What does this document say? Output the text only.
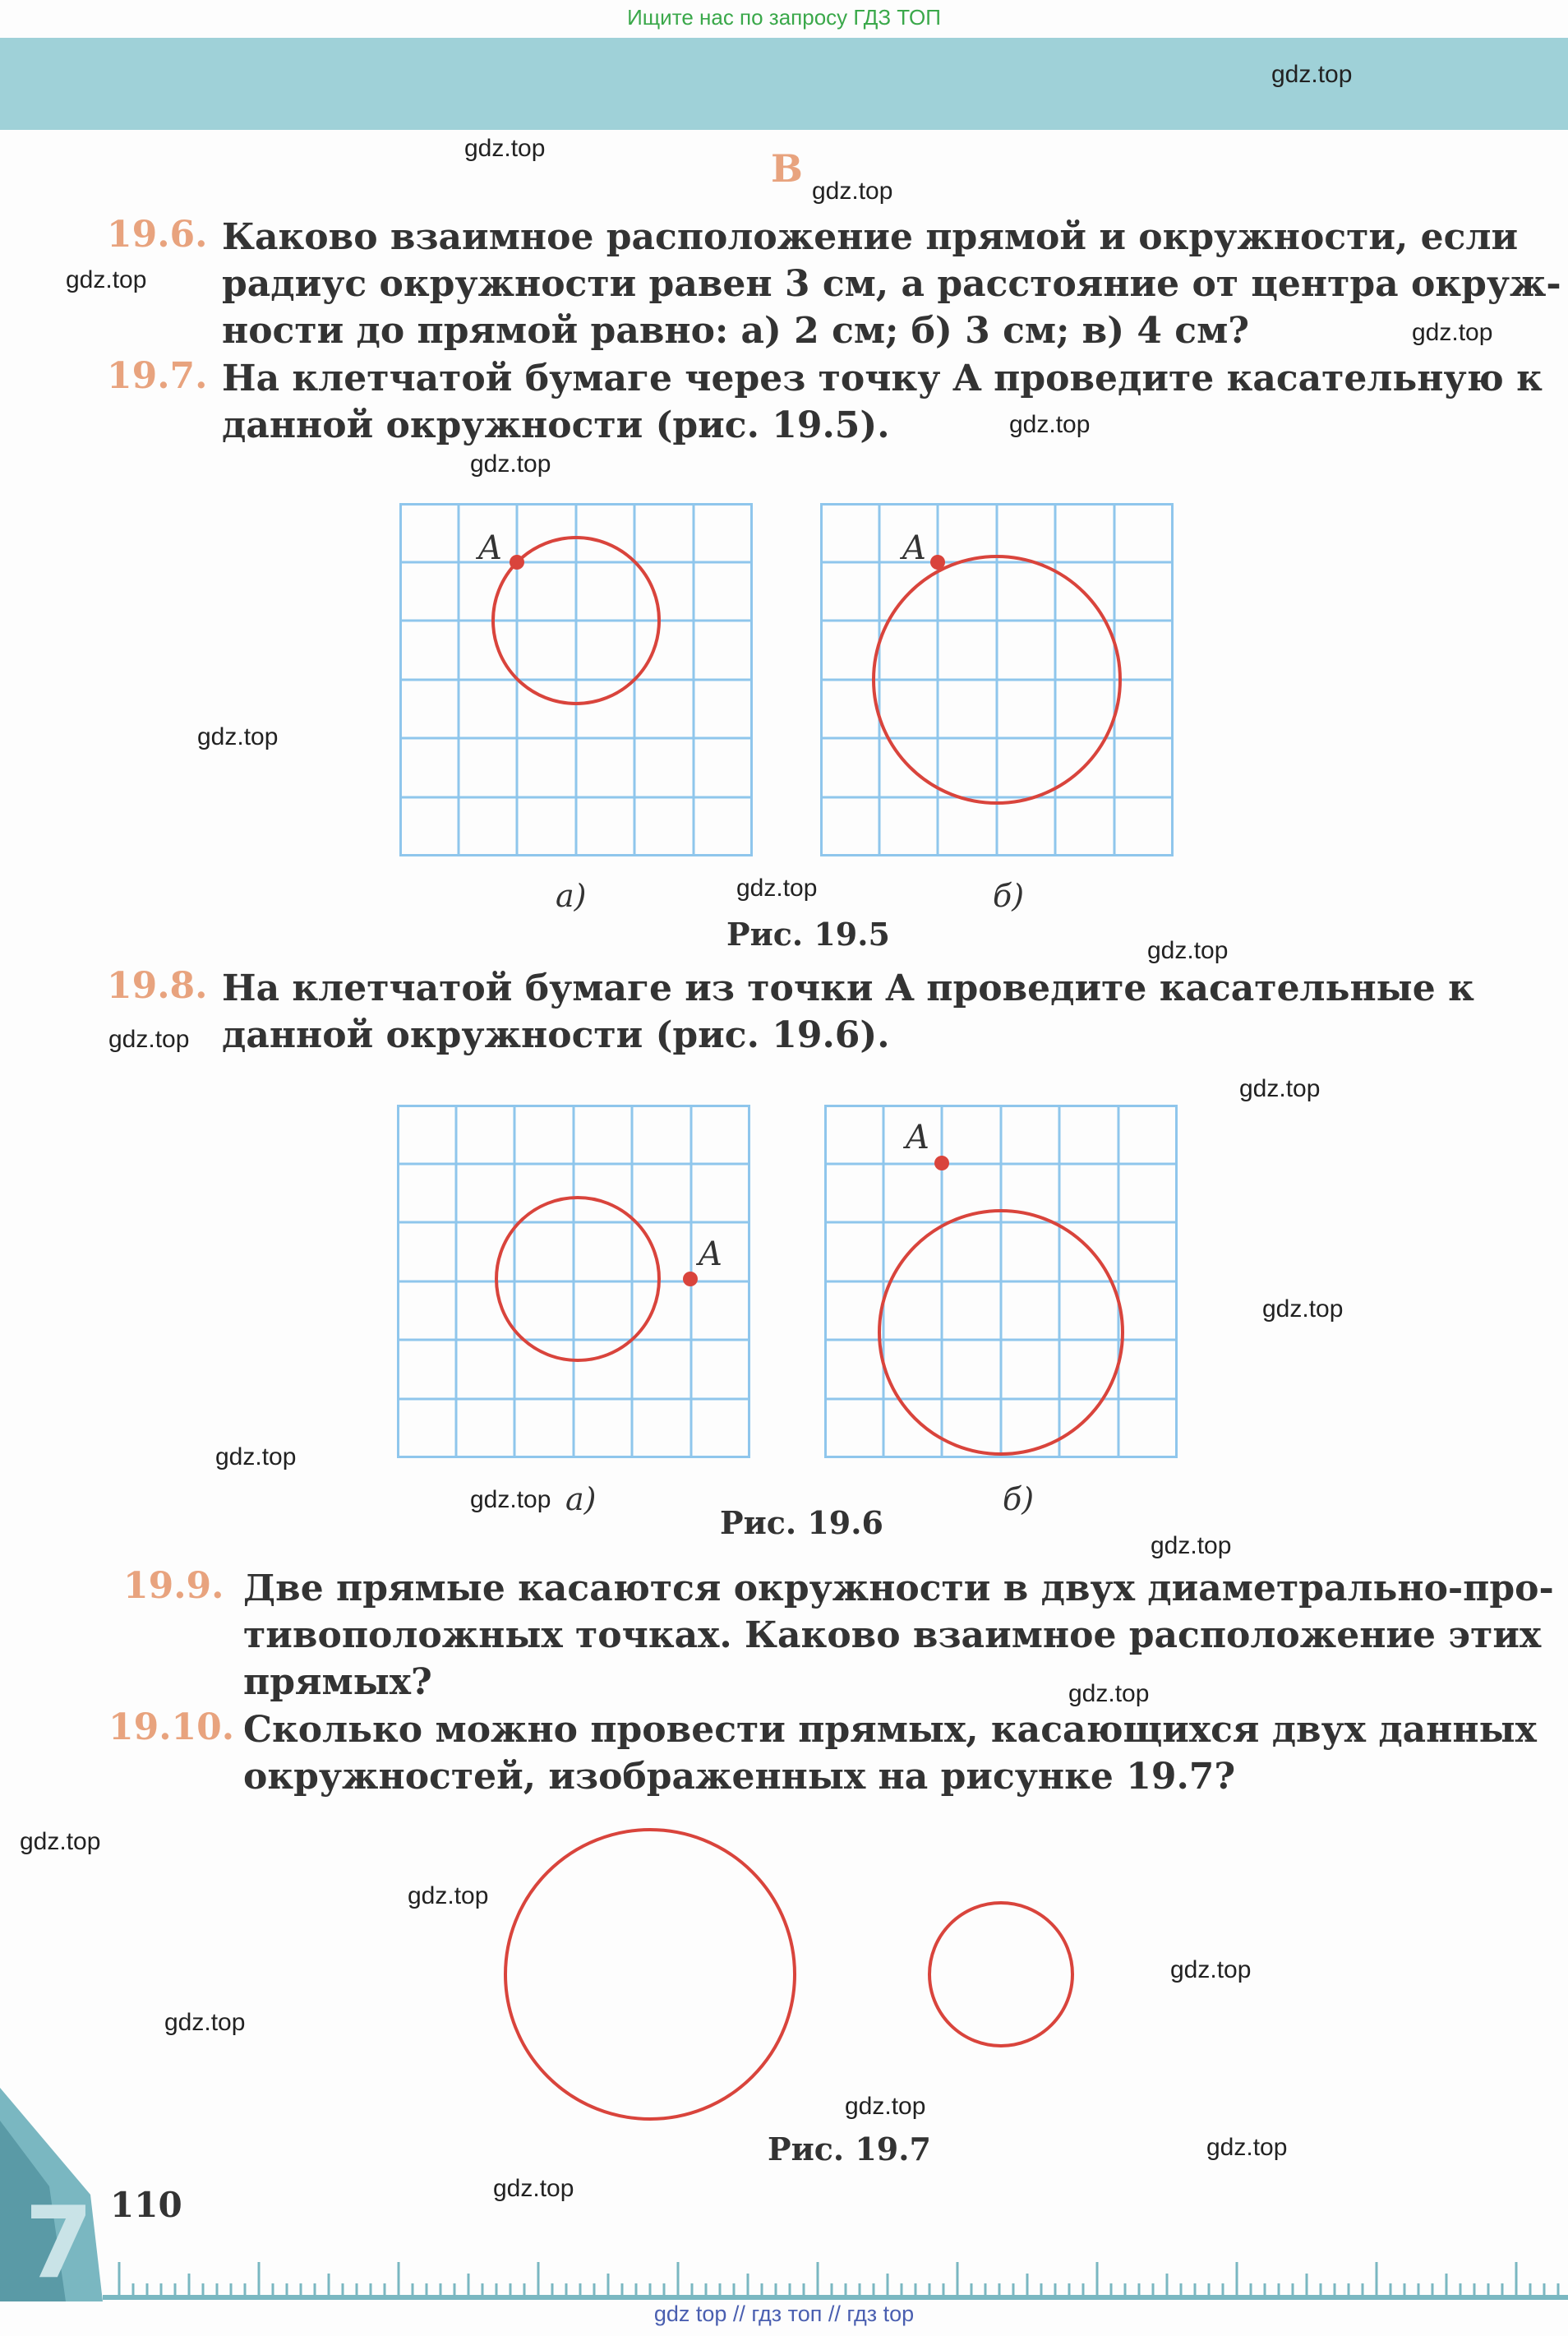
Ищите нас по запросу ГДЗ ТОП
В
19.6. Каково взаимное расположение прямой и окружности, если
радиус окружности равен 3 см, а расстояние от центра окруж-
ности до прямой равно: а) 2 см; б) 3 см; в) 4 см?
19.7. На клетчатой бумаге через точку A проведите касательную к
данной окружности (рис. 19.5).
A	A
а)	б)
Рис. 19.5
19.8. На клетчатой бумаге из точки A проведите касательные к
данной окружности (рис. 19.6).
A
A
а)	б)
Рис. 19.6
19.9. Две прямые касаются окружности в двух диаметрально-про-
тивоположных точках. Каково взаимное расположение этих
прямых?
19.10. Сколько можно провести прямых, касающихся двух данных
окружностей, изображенных на рисунке 19.7?
Рис. 19.7
7 110
gdz.top
gdz.top
gdz.top
gdz.top
gdz.top
gdz.top
gdz.top
gdz.top
gdz.top
gdz.top
gdz.top
gdz.top
gdz.top
gdz.top
gdz.top
gdz.top
gdz.top
gdz.top
gdz.top
gdz.top
gdz.top
gdz.top
gdz.top
gdz.top
gdz top // гдз топ // гдз top
